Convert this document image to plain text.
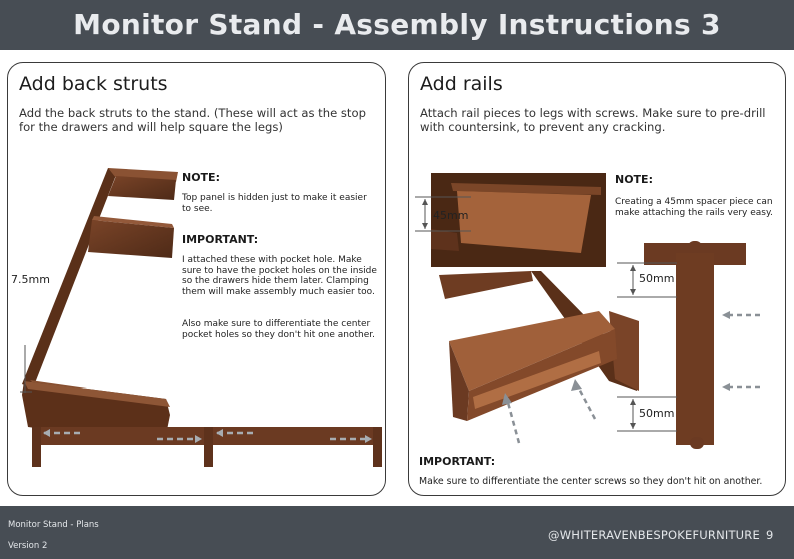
Monitor Stand - Assembly Instructions 3
Add back struts

Add the back struts to the stand. (These will act as the stop for the drawers and will help square the legs)

7.5mm
NOTE:

Top panel is hidden just to make it easier to see.

IMPORTANT:

I attached these with pocket hole. Make sure to have the pocket holes on the inside so the drawers hide them later. Clamping them will make assembly much easier too.

Also make sure to differentiate the center pocket holes so they don't hit one another.

Add rails

Attach rail pieces to legs with screws. Make sure to pre-drill with countersink, to prevent any cracking.

45mm
NOTE:

Creating a 45mm spacer piece can make attaching the rails very easy.

50mm
50mm
IMPORTANT:

Make sure to differentiate the center screws so they don't hit on another.

Monitor Stand - Plans
Version 2
@WHITERAVENBESPOKEFURNITURE 9
